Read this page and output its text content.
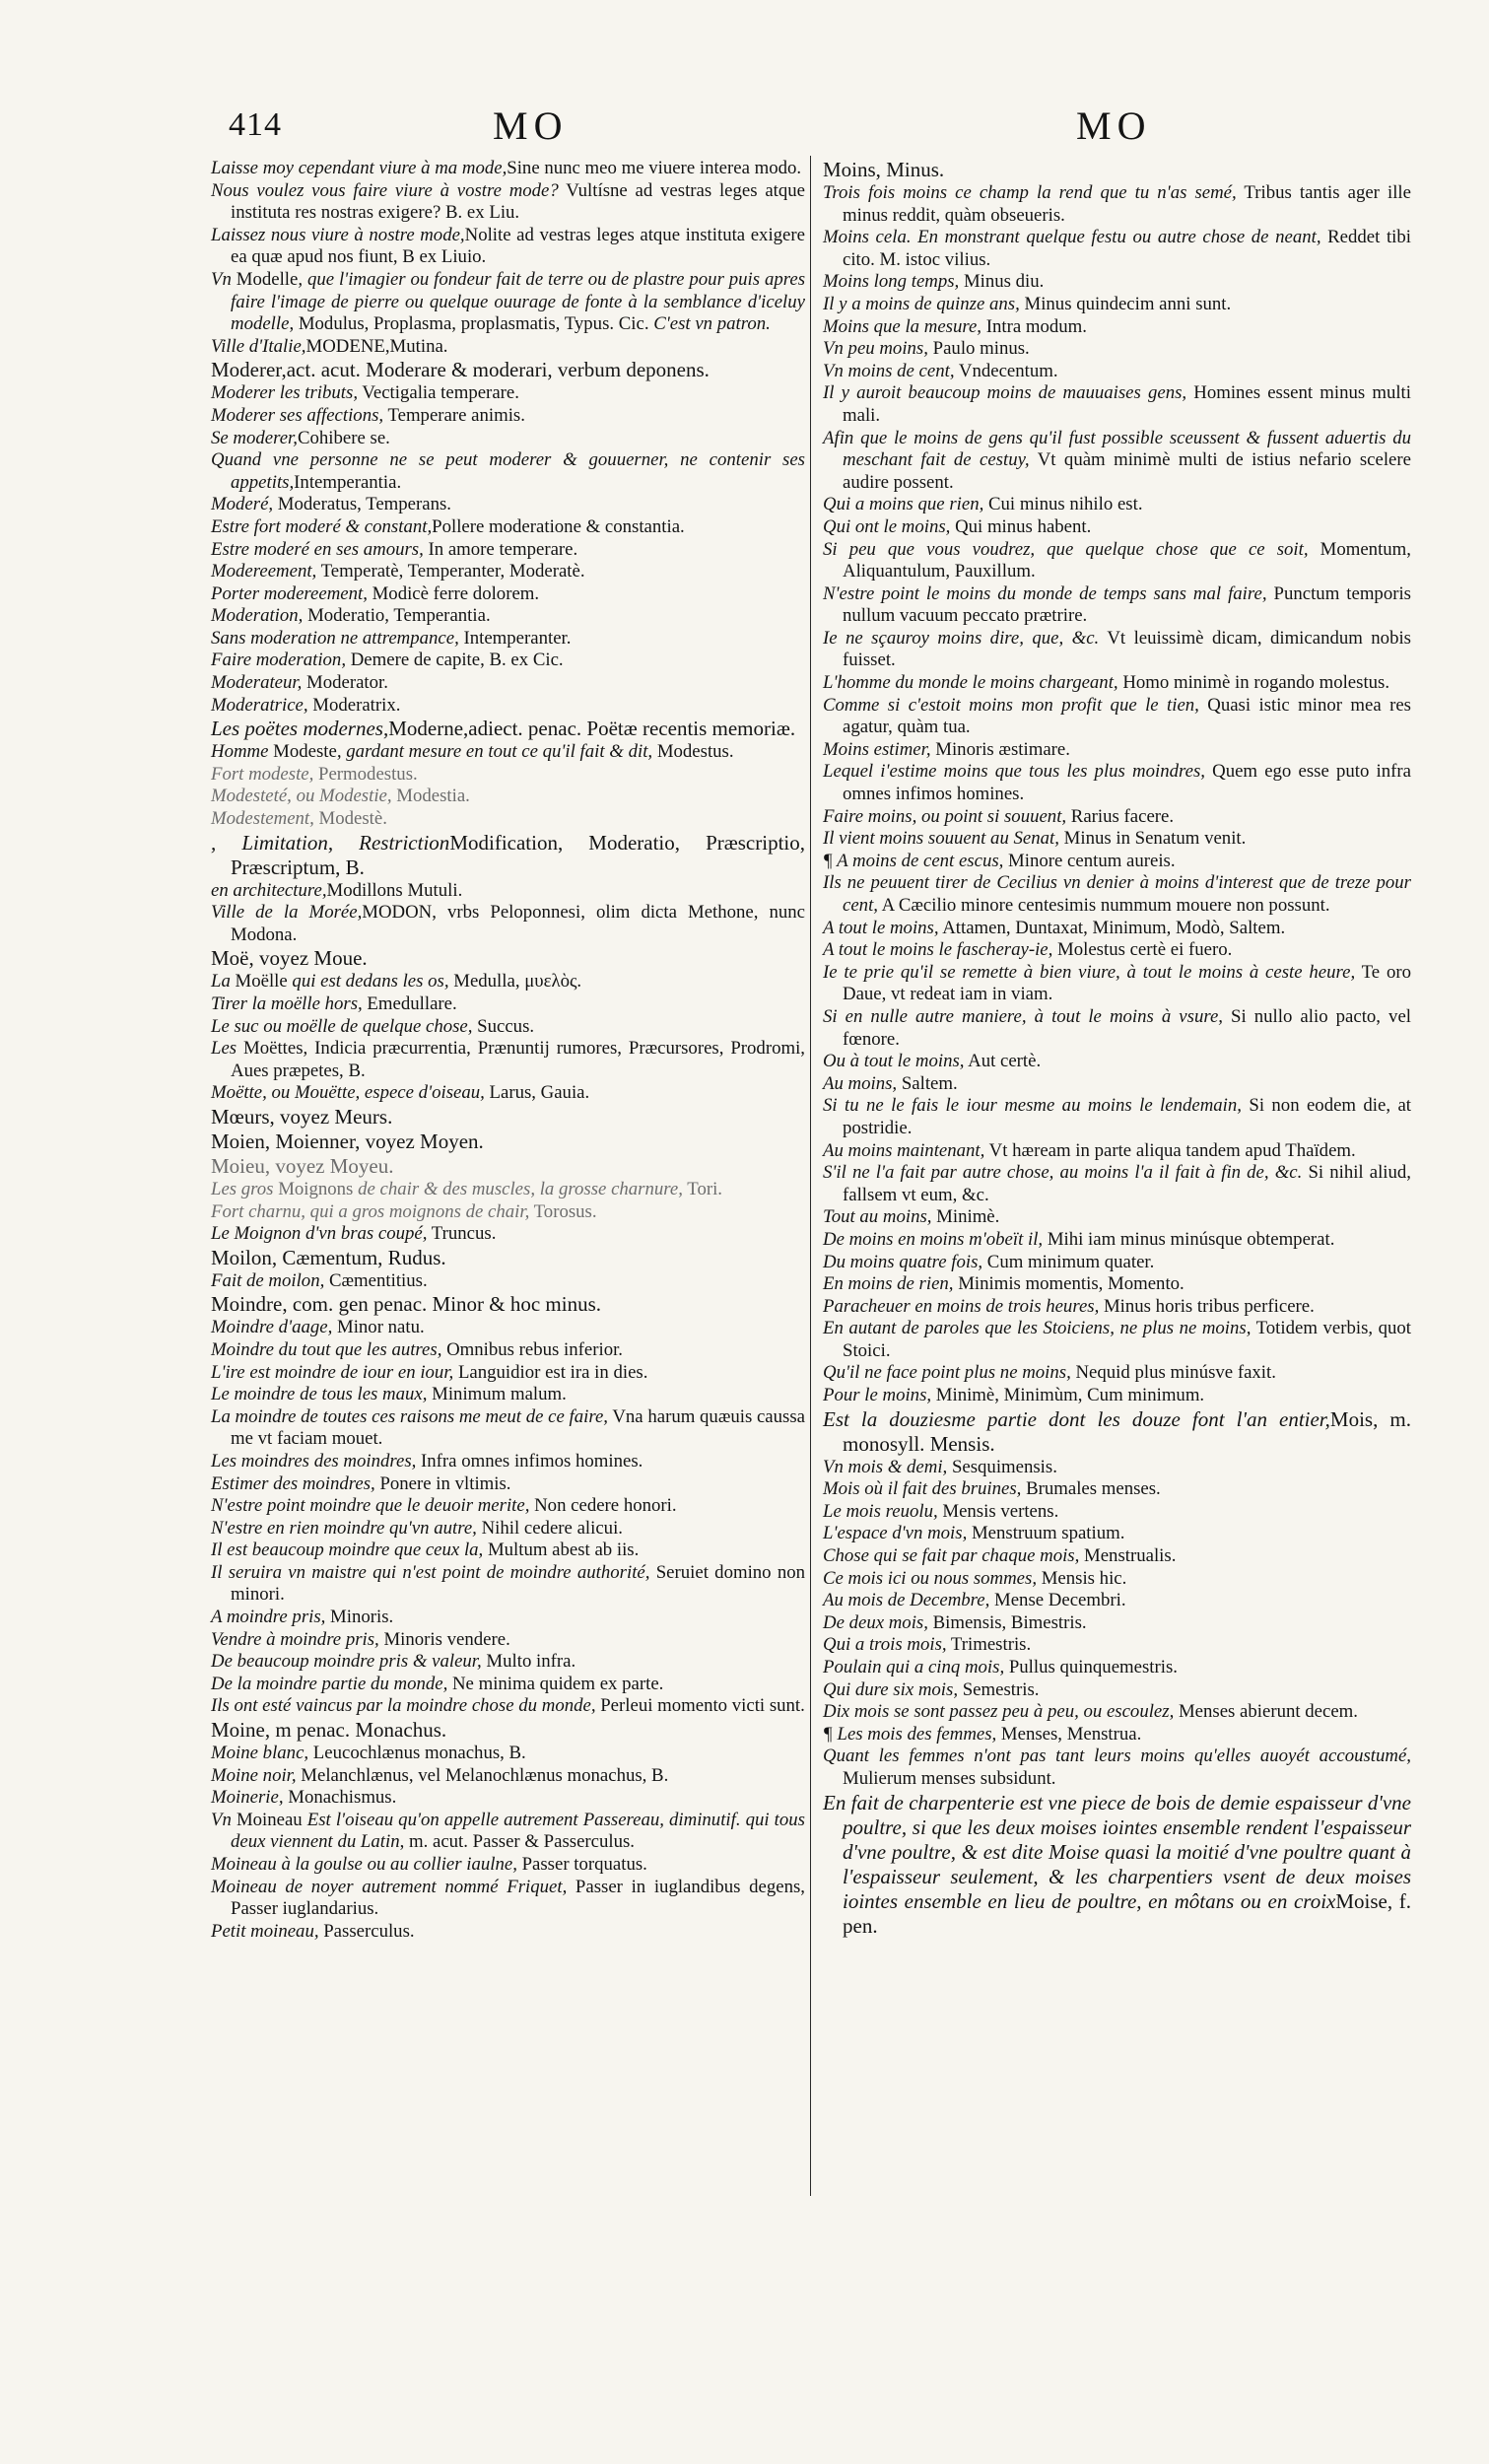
414	MO	MO

Laisse moy cependant viure à ma mode,Sine nunc meo me viuere interea modo.

Nous voulez vous faire viure à vostre mode? Vultísne ad vestras leges atque instituta res nostras exigere? B. ex Liu.

Laissez nous viure à nostre mode,Nolite ad vestras leges atque instituta exigere ea quæ apud nos fiunt, B ex Liuio.

Vn Modelle, que l'imagier ou fondeur fait de terre ou de plastre pour puis apres faire l'image de pierre ou quelque ouurage de fonte à la semblance d'iceluy modelle, Modulus, Proplasma, proplasmatis, Typus. Cic. C'est vn patron.

Ville d'Italie,MODENE,Mutina.

Moderer,act. acut. Moderare & moderari, verbum deponens.

Moderer les tributs, Vectigalia temperare.

Moderer ses affections, Temperare animis.

Se moderer,Cohibere se.

Quand vne personne ne se peut moderer & gouuerner, ne contenir ses appetits,Intemperantia.

Moderé, Moderatus, Temperans.

Estre fort moderé & constant,Pollere moderatione & constantia.

Estre moderé en ses amours, In amore temperare.

Modereement, Temperatè, Temperanter, Moderatè.

Porter modereement, Modicè ferre dolorem.

Moderation, Moderatio, Temperantia.

Sans moderation ne attrempance, Intemperanter.

Faire moderation, Demere de capite, B. ex Cic.

Moderateur, Moderator.

Moderatrice, Moderatrix.

Les poëtes modernes,Moderne,adiect. penac. Poëtæ recentis memoriæ.

Homme Modeste, gardant mesure en tout ce qu'il fait & dit, Modestus.

Fort modeste, Permodestus.

Modesteté, ou Modestie, Modestia.

Modestement, Modestè.

, Limitation, RestrictionModification, Moderatio, Præscriptio, Præscriptum, B.

en architecture,Modillons Mutuli.

Ville de la Morée,MODON, vrbs Peloponnesi, olim dicta Methone, nunc Modona.

Moë, voyez Moue.

La Moëlle qui est dedans les os, Medulla, μυελὸς.

Tirer la moëlle hors, Emedullare.

Le suc ou moëlle de quelque chose, Succus.

Les Moëttes, Indicia præcurrentia, Prænuntij rumores, Præcursores, Prodromi, Aues præpetes, B.

Moëtte, ou Mouëtte, espece d'oiseau, Larus, Gauia.

Mœurs, voyez Meurs.

Moien, Moienner, voyez Moyen.

Moieu, voyez Moyeu.

Les gros Moignons de chair & des muscles, la grosse charnure, Tori.

Fort charnu, qui a gros moignons de chair, Torosus.

Le Moignon d'vn bras coupé, Truncus.

Moilon, Cæmentum, Rudus.

Fait de moilon, Cæmentitius.

Moindre, com. gen penac. Minor & hoc minus.

Moindre d'aage, Minor natu.

Moindre du tout que les autres, Omnibus rebus inferior.

L'ire est moindre de iour en iour, Languidior est ira in dies.

Le moindre de tous les maux, Minimum malum.

La moindre de toutes ces raisons me meut de ce faire, Vna harum quæuis caussa me vt faciam mouet.

Les moindres des moindres, Infra omnes infimos homines.

Estimer des moindres, Ponere in vltimis.

N'estre point moindre que le deuoir merite, Non cedere honori.

N'estre en rien moindre qu'vn autre, Nihil cedere alicui.

Il est beaucoup moindre que ceux la, Multum abest ab iis.

Il seruira vn maistre qui n'est point de moindre authorité, Seruiet domino non minori.

A moindre pris, Minoris.

Vendre à moindre pris, Minoris vendere.

De beaucoup moindre pris & valeur, Multo infra.

De la moindre partie du monde, Ne minima quidem ex parte.

Ils ont esté vaincus par la moindre chose du monde, Perleui momento victi sunt.

Moine, m penac. Monachus.

Moine blanc, Leucochlænus monachus, B.

Moine noir, Melanchlænus, vel Melanochlænus monachus, B.

Moinerie, Monachismus.

Vn Moineau Est l'oiseau qu'on appelle autrement Passereau, diminutif. qui tous deux viennent du Latin, m. acut. Passer & Passerculus.

Moineau à la goulse ou au collier iaulne, Passer torquatus.

Moineau de noyer autrement nommé Friquet, Passer in iuglandibus degens, Passer iuglandarius.

Petit moineau, Passerculus.

Moins, Minus.

Trois fois moins ce champ la rend que tu n'as semé, Tribus tantis ager ille minus reddit, quàm obseueris.

Moins cela. En monstrant quelque festu ou autre chose de neant, Reddet tibi cito. M. istoc vilius.

Moins long temps, Minus diu.

Il y a moins de quinze ans, Minus quindecim anni sunt.

Moins que la mesure, Intra modum.

Vn peu moins, Paulo minus.

Vn moins de cent, Vndecentum.

Il y auroit beaucoup moins de mauuaises gens, Homines essent minus multi mali.

Afin que le moins de gens qu'il fust possible sceussent & fussent aduertis du meschant fait de cestuy, Vt quàm minimè multi de istius nefario scelere audire possent.

Qui a moins que rien, Cui minus nihilo est.

Qui ont le moins, Qui minus habent.

Si peu que vous voudrez, que quelque chose que ce soit, Momentum, Aliquantulum, Pauxillum.

N'estre point le moins du monde de temps sans mal faire, Punctum temporis nullum vacuum peccato prætrire.

Ie ne sçauroy moins dire, que, &c. Vt leuissimè dicam, dimicandum nobis fuisset.

L'homme du monde le moins chargeant, Homo minimè in rogando molestus.

Comme si c'estoit moins mon profit que le tien, Quasi istic minor mea res agatur, quàm tua.

Moins estimer, Minoris æstimare.

Lequel i'estime moins que tous les plus moindres, Quem ego esse puto infra omnes infimos homines.

Faire moins, ou point si souuent, Rarius facere.

Il vient moins souuent au Senat, Minus in Senatum venit.

¶ A moins de cent escus, Minore centum aureis.

Ils ne peuuent tirer de Cecilius vn denier à moins d'interest que de treze pour cent, A Cæcilio minore centesimis nummum mouere non possunt.

A tout le moins, Attamen, Duntaxat, Minimum, Modò, Saltem.

A tout le moins le fascheray-ie, Molestus certè ei fuero.

Ie te prie qu'il se remette à bien viure, à tout le moins à ceste heure, Te oro Daue, vt redeat iam in viam.

Si en nulle autre maniere, à tout le moins à vsure, Si nullo alio pacto, vel fœnore.

Ou à tout le moins, Aut certè.

Au moins, Saltem.

Si tu ne le fais le iour mesme au moins le lendemain, Si non eodem die, at postridie.

Au moins maintenant, Vt hæream in parte aliqua tandem apud Thaïdem.

S'il ne l'a fait par autre chose, au moins l'a il fait à fin de, &c. Si nihil aliud, fallsem vt eum, &c.

Tout au moins, Minimè.

De moins en moins m'obeït il, Mihi iam minus minúsque obtemperat.

Du moins quatre fois, Cum minimum quater.

En moins de rien, Minimis momentis, Momento.

Paracheuer en moins de trois heures, Minus horis tribus perficere.

En autant de paroles que les Stoiciens, ne plus ne moins, Totidem verbis, quot Stoici.

Qu'il ne face point plus ne moins, Nequid plus minúsve faxit.

Pour le moins, Minimè, Minimùm, Cum minimum.

Est la douziesme partie dont les douze font l'an entier,Mois, m. monosyll. Mensis.

Vn mois & demi, Sesquimensis.

Mois où il fait des bruines, Brumales menses.

Le mois reuolu, Mensis vertens.

L'espace d'vn mois, Menstruum spatium.

Chose qui se fait par chaque mois, Menstrualis.

Ce mois ici ou nous sommes, Mensis hic.

Au mois de Decembre, Mense Decembri.

De deux mois, Bimensis, Bimestris.

Qui a trois mois, Trimestris.

Poulain qui a cinq mois, Pullus quinquemestris.

Qui dure six mois, Semestris.

Dix mois se sont passez peu à peu, ou escoulez, Menses abierunt decem.

¶ Les mois des femmes, Menses, Menstrua.

Quant les femmes n'ont pas tant leurs moins qu'elles auoyét accoustumé, Mulierum menses subsidunt.

En fait de charpenterie est vne piece de bois de demie espaisseur d'vne poultre, si que les deux moises iointes ensemble rendent l'espaisseur d'vne poultre, & est dite Moise quasi la moitié d'vne poultre quant à l'espaisseur seulement, & les charpentiers vsent de deux moises iointes ensemble en lieu de poultre, en môtans ou en croixMoise, f. pen.
